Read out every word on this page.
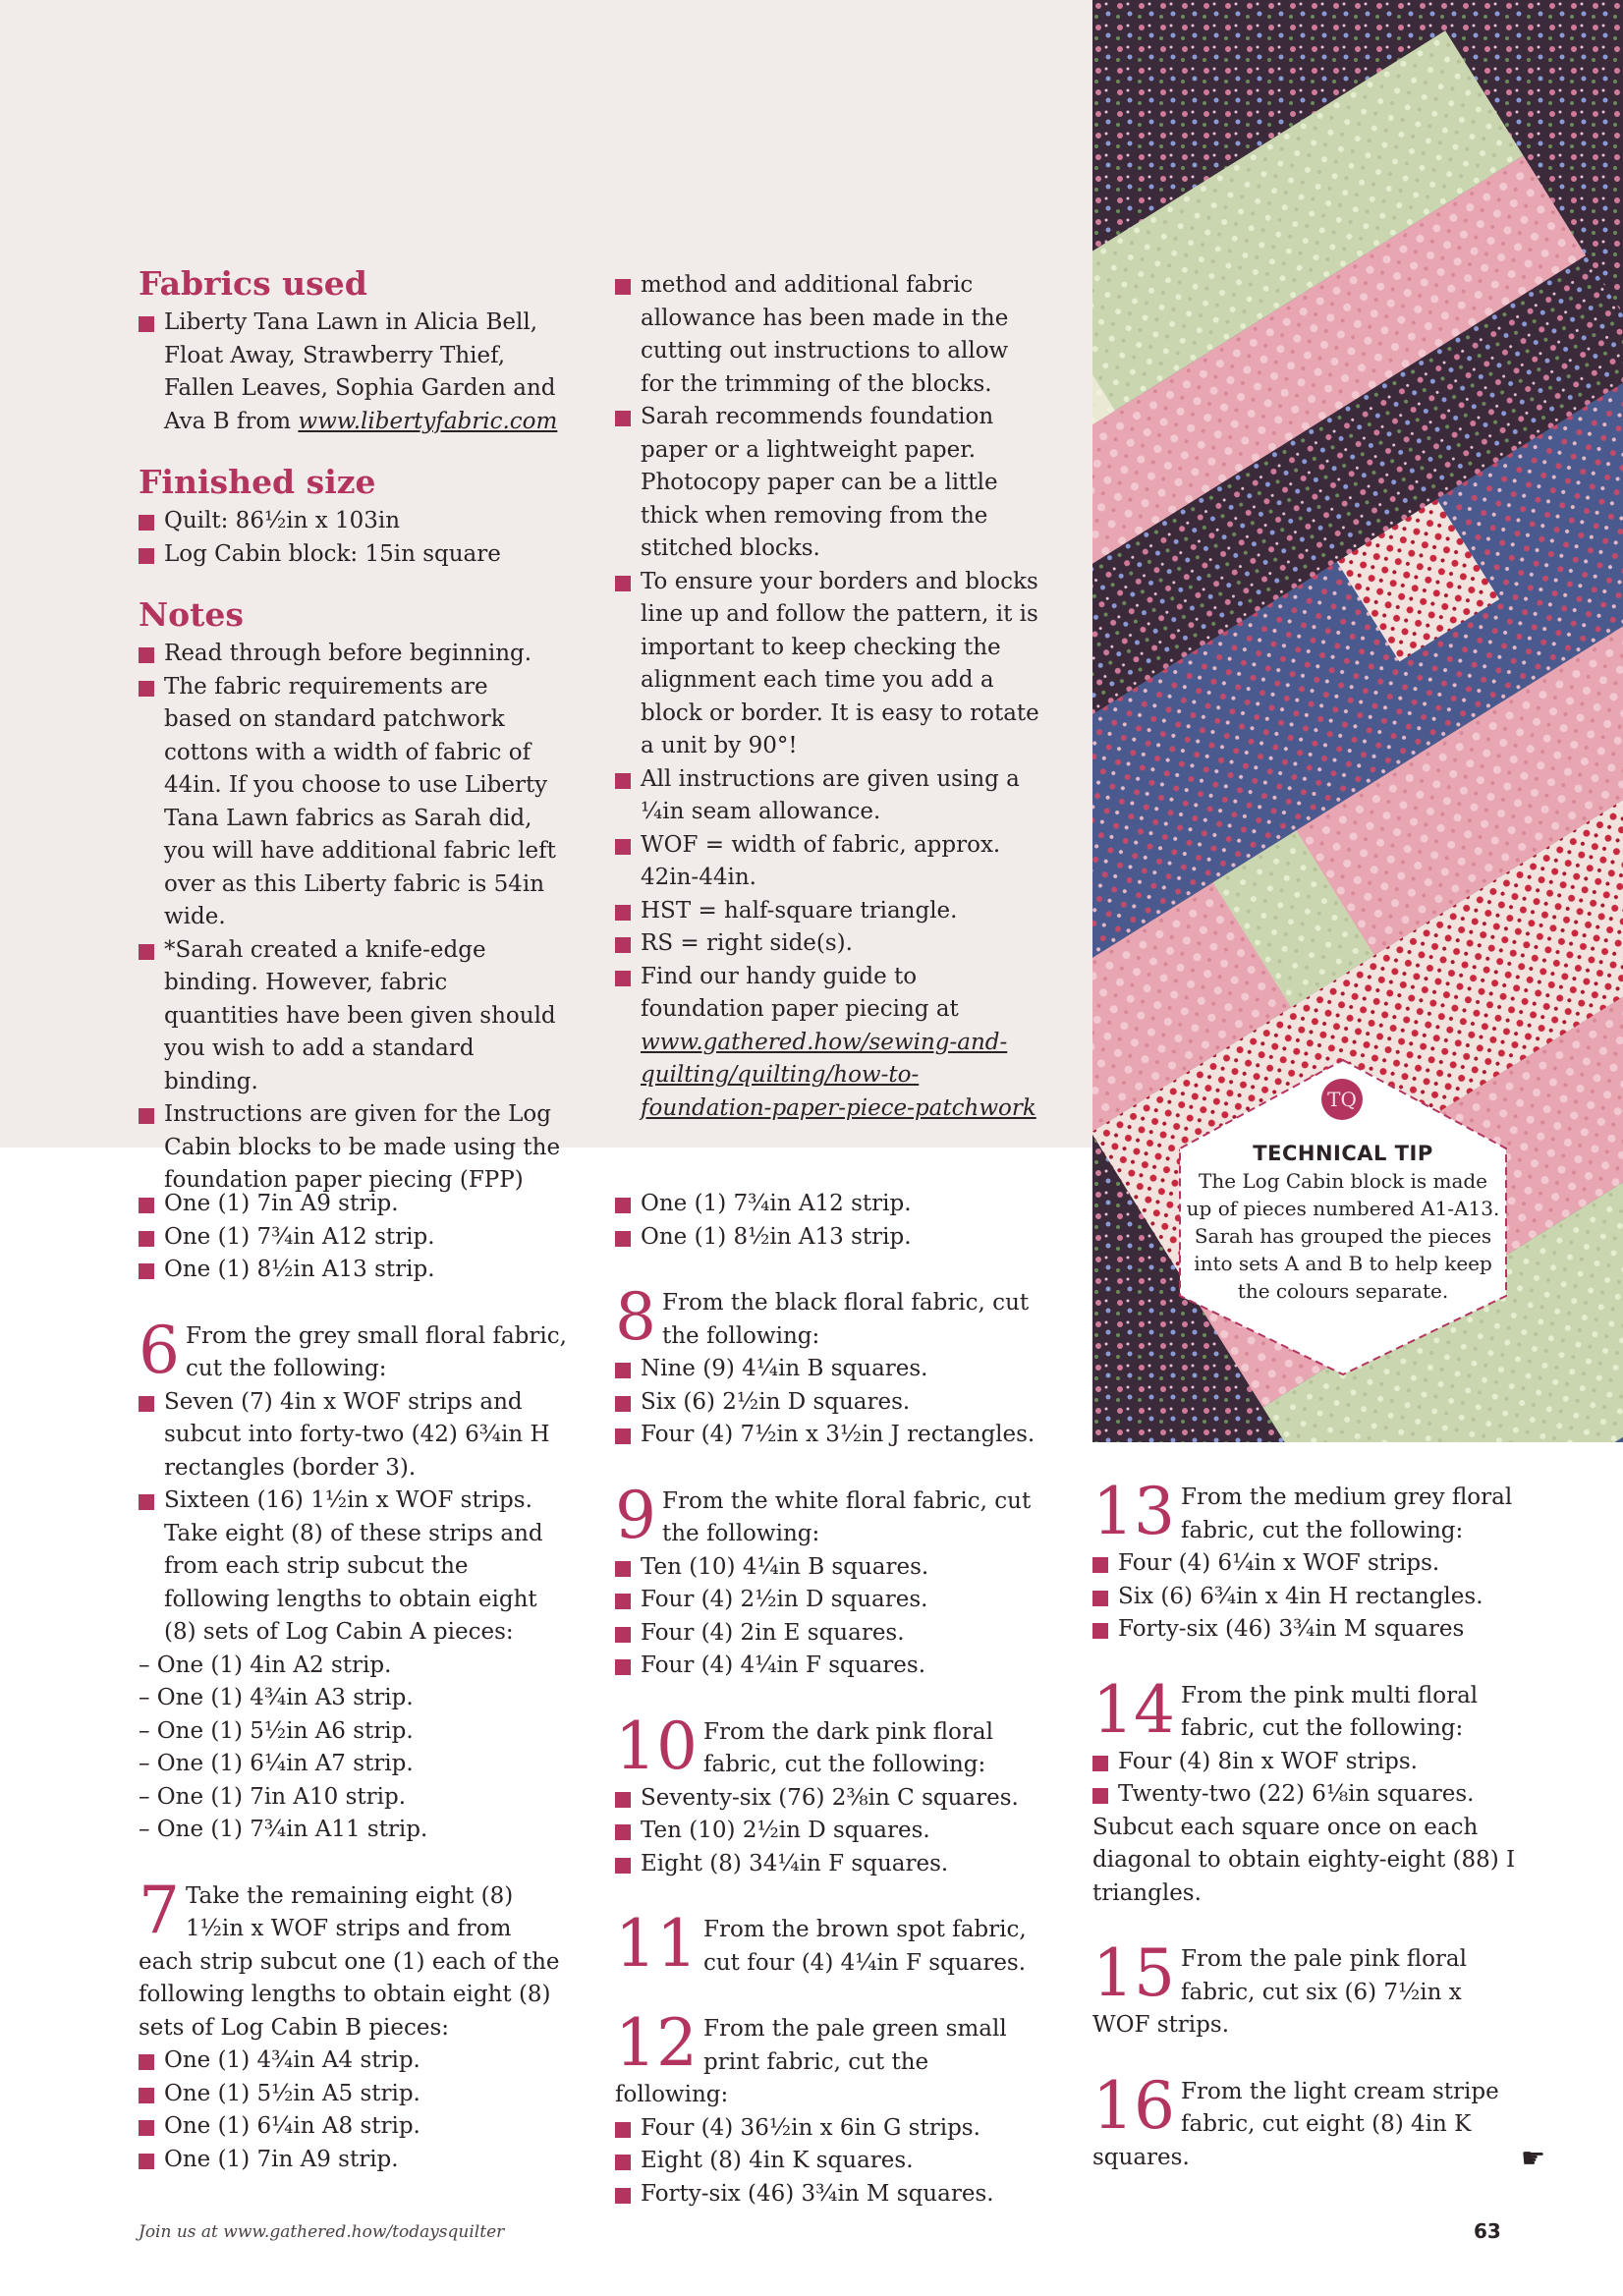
TQ
TECHNICAL TIP
The Log Cabin block is made up of pieces numbered A1-A13. Sarah has grouped the pieces into sets A and B to help keep the colours separate.
Fabrics used
Liberty Tana Lawn in Alicia Bell, Float Away, Strawberry Thief, Fallen Leaves, Sophia Garden and Ava B from www.libertyfabric.com
Finished size
Quilt: 86½in x 103in
Log Cabin block: 15in square
Notes
Read through before beginning.
The fabric requirements are based on standard patchwork cottons with a width of fabric of 44in. If you choose to use Liberty Tana Lawn fabrics as Sarah did, you will have additional fabric left over as this Liberty fabric is 54in wide.
*Sarah created a knife-edge binding. However, fabric quantities have been given should you wish to add a standard binding.
Instructions are given for the Log Cabin blocks to be made using the foundation paper piecing (FPP)
method and additional fabric allowance has been made in the cutting out instructions to allow for the trimming of the blocks.
Sarah recommends foundation paper or a lightweight paper. Photocopy paper can be a little thick when removing from the stitched blocks.
To ensure your borders and blocks line up and follow the pattern, it is important to keep checking the alignment each time you add a block or border. It is easy to rotate a unit by 90°!
All instructions are given using a ¼in seam allowance.
WOF = width of fabric, approx. 42in-44in.
HST = half-square triangle.
RS = right side(s).
Find our handy guide to foundation paper piecing at www.gathered.how/sewing-and-quilting/quilting/how-to-foundation-paper-piece-patchwork
One (1) 7in A9 strip.
One (1) 7¾in A12 strip.
One (1) 8½in A13 strip.
6 From the grey small floral fabric, cut the following:
Seven (7) 4in x WOF strips and subcut into forty-two (42) 6¾in H rectangles (border 3).
Sixteen (16) 1½in x WOF strips. Take eight (8) of these strips and from each strip subcut the following lengths to obtain eight (8) sets of Log Cabin A pieces:
– One (1) 4in A2 strip.
– One (1) 4¾in A3 strip.
– One (1) 5½in A6 strip.
– One (1) 6¼in A7 strip.
– One (1) 7in A10 strip.
– One (1) 7¾in A11 strip.
7 Take the remaining eight (8) 1½in x WOF strips and from each strip subcut one (1) each of the following lengths to obtain eight (8) sets of Log Cabin B pieces:
One (1) 4¾in A4 strip.
One (1) 5½in A5 strip.
One (1) 6¼in A8 strip.
One (1) 7in A9 strip.
One (1) 7¾in A12 strip.
One (1) 8½in A13 strip.
8 From the black floral fabric, cut the following:
Nine (9) 4¼in B squares.
Six (6) 2½in D squares.
Four (4) 7½in x 3½in J rectangles.
9 From the white floral fabric, cut the following:
Ten (10) 4¼in B squares.
Four (4) 2½in D squares.
Four (4) 2in E squares.
Four (4) 4¼in F squares.
10 From the dark pink floral fabric, cut the following:
Seventy-six (76) 2⅜in C squares.
Ten (10) 2½in D squares.
Eight (8) 34¼in F squares.
11 From the brown spot fabric, cut four (4) 4¼in F squares.
12 From the pale green small print fabric, cut the following:
Four (4) 36½in x 6in G strips.
Eight (8) 4in K squares.
Forty-six (46) 3¾in M squares.
13 From the medium grey floral fabric, cut the following:
Four (4) 6¼in x WOF strips.
Six (6) 6¾in x 4in H rectangles.
Forty-six (46) 3¾in M squares
14 From the pink multi floral fabric, cut the following:
Four (4) 8in x WOF strips.
Twenty-two (22) 6⅛in squares.
Subcut each square once on each diagonal to obtain eighty-eight (88) I triangles.
15 From the pale pink floral fabric, cut six (6) 7½in x WOF strips.
16 From the light cream stripe fabric, cut eight (8) 4in K squares.	☛
Join us at www.gathered.how/todaysquilter	63
